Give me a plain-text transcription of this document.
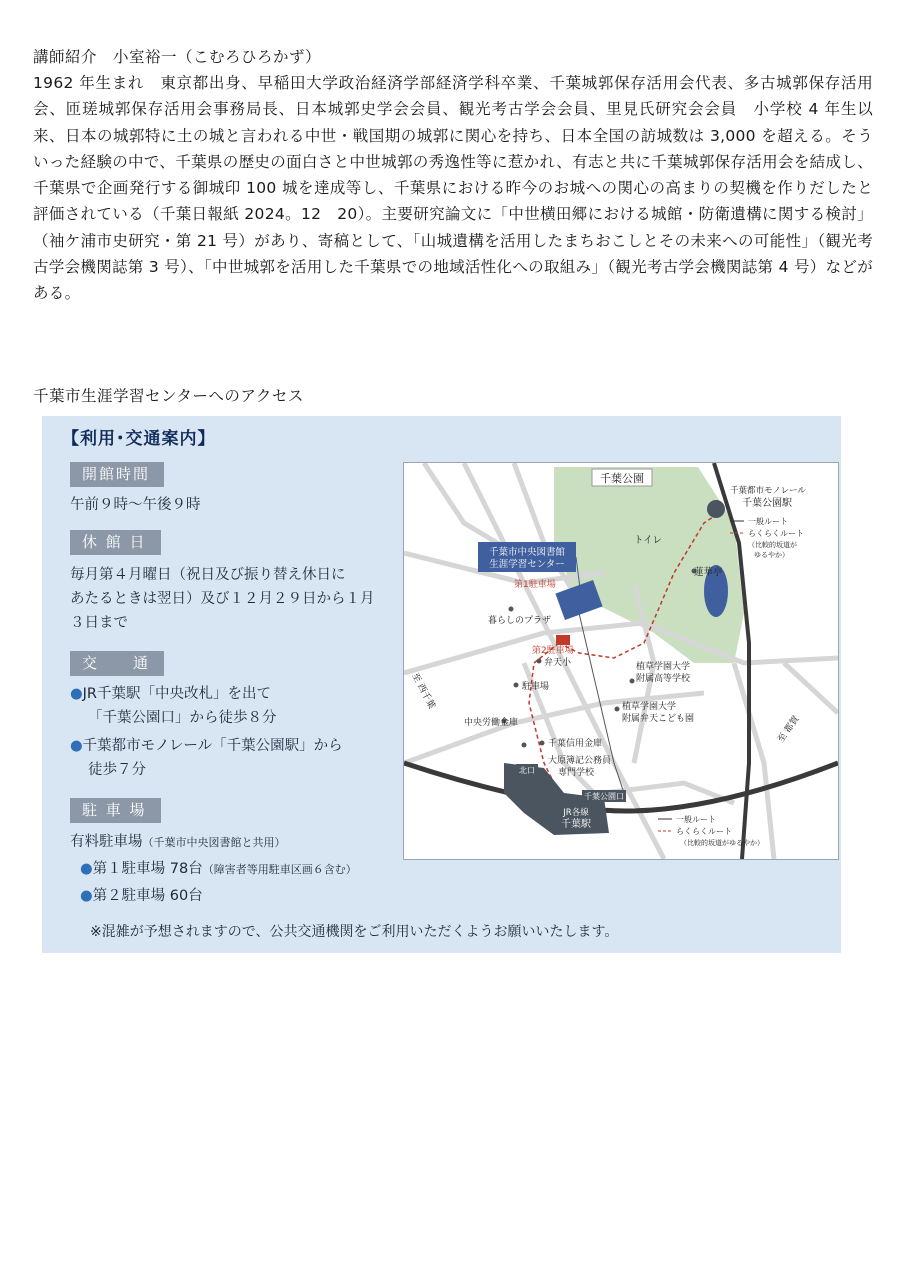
講師紹介　小室裕一（こむろひろかず）

1962 年生まれ　東京都出身、早稲田大学政治経済学部経済学科卒業、千葉城郭保存活用会代表、多古城郭保存活用会、匝瑳城郭保存活用会事務局長、日本城郭史学会会員、観光考古学会会員、里見氏研究会会員　小学校 4 年生以来、日本の城郭特に土の城と言われる中世・戦国期の城郭に関心を持ち、日本全国の訪城数は 3,000 を超える。そういった経験の中で、千葉県の歴史の面白さと中世城郭の秀逸性等に惹かれ、有志と共に千葉城郭保存活用会を結成し、千葉県で企画発行する御城印 100 城を達成等し、千葉県における昨今のお城への関心の高まりの契機を作りだしたと評価されている（千葉日報紙 2024。12　20）。主要研究論文に「中世横田郷における城館・防衛遺構に関する検討」（袖ケ浦市史研究・第 21 号）があり、寄稿として、「山城遺構を活用したまちおこしとその未来への可能性」（観光考古学会機関誌第 3 号）、「中世城郭を活用した千葉県での地域活性化への取組み」（観光考古学会機関誌第 4 号）などがある。

千葉市生涯学習センターへのアクセス
【利用･交通案内】
開館時間
午前９時～午後９時
休 館 日
毎月第４月曜日（祝日及び振り替え休日に
あたるときは翌日）及び１２月２９日から１月
３日まで
交　　通
●JR千葉駅「中央改札」を出て
「千葉公園口」から徒歩８分
●千葉都市モノレール「千葉公園駅」から
徒歩７分
駐 車 場
有料駐車場（千葉市中央図書館と共用）
●第１駐車場 78台（障害者等用駐車区画６含む）
●第２駐車場 60台
※混雑が予想されますので、公共交通機関をご利用いただくようお願いいたします。
千葉公園
千葉都市モノレール
千葉公園駅
一般ルート
らくらくルート
（比較的坂道が
ゆるやか）
トイレ
蓮華亭
千葉市中央図書館
生涯学習センター
第1駐車場
暮らしのプラザ
第2駐車場
弁天小
駐車場
植草学園大学
附属高等学校
植草学園大学
附属弁天こども園
中央労働金庫
千葉信用金庫
大原簿記公務員
専門学校
北口
千葉公園口
JR各線
千葉駅
至 西千葉
至 都賀
一般ルート
らくらくルート
（比較的坂道がゆるやか）
